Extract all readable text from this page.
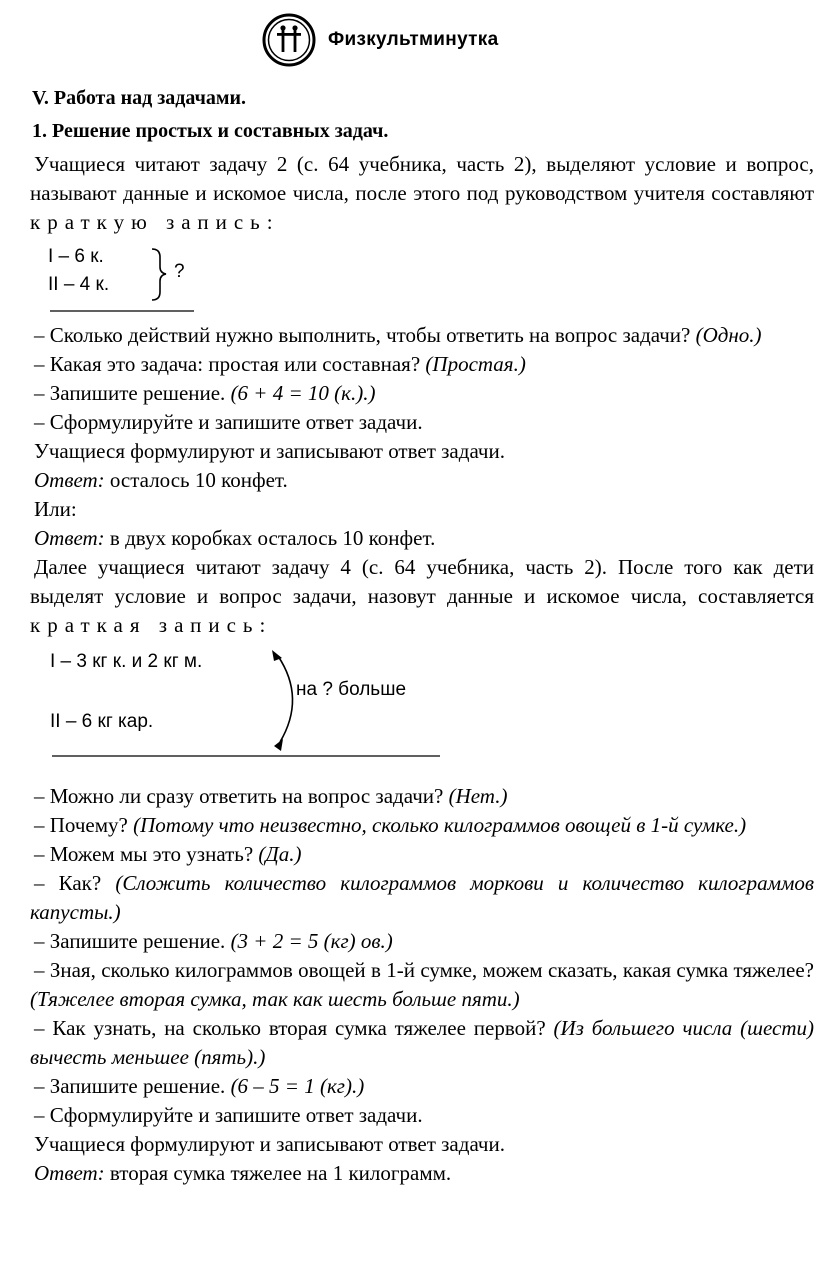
Физкультминутка
V. Работа над задачами.
1. Решение простых и составных задач.

Учащиеся читают задачу 2 (с. 64 учебника, часть 2), выделяют условие и вопрос, называют данные и искомое числа, после этого под руководством учителя составляют краткую запись:

I – 6 к.
II – 4 к.
?

– Сколько действий нужно выполнить, чтобы ответить на вопрос задачи? (Одно.)

– Какая это задача: простая или составная? (Простая.)

– Запишите решение. (6 + 4 = 10 (к.).)

– Сформулируйте и запишите ответ задачи.

Учащиеся формулируют и записывают ответ задачи.

Ответ: осталось 10 конфет.

Или:

Ответ: в двух коробках осталось 10 конфет.

Далее учащиеся читают задачу 4 (с. 64 учебника, часть 2). После того как дети выделят условие и вопрос задачи, назовут данные и искомое числа, составляется краткая запись:

I – 3 кг к. и 2 кг м.
II – 6 кг кар.
на ? больше

– Можно ли сразу ответить на вопрос задачи? (Нет.)

– Почему? (Потому что неизвестно, сколько килограммов овощей в 1-й сумке.)

– Можем мы это узнать? (Да.)

– Как? (Сложить количество килограммов моркови и количество килограммов капусты.)

– Запишите решение. (3 + 2 = 5 (кг) ов.)

– Зная, сколько килограммов овощей в 1-й сумке, можем сказать, какая сумка тяжелее? (Тяжелее вторая сумка, так как шесть больше пяти.)

– Как узнать, на сколько вторая сумка тяжелее первой? (Из большего числа (шести) вычесть меньшее (пять).)

– Запишите решение. (6 – 5 = 1 (кг).)

– Сформулируйте и запишите ответ задачи.

Учащиеся формулируют и записывают ответ задачи.

Ответ: вторая сумка тяжелее на 1 килограмм.
